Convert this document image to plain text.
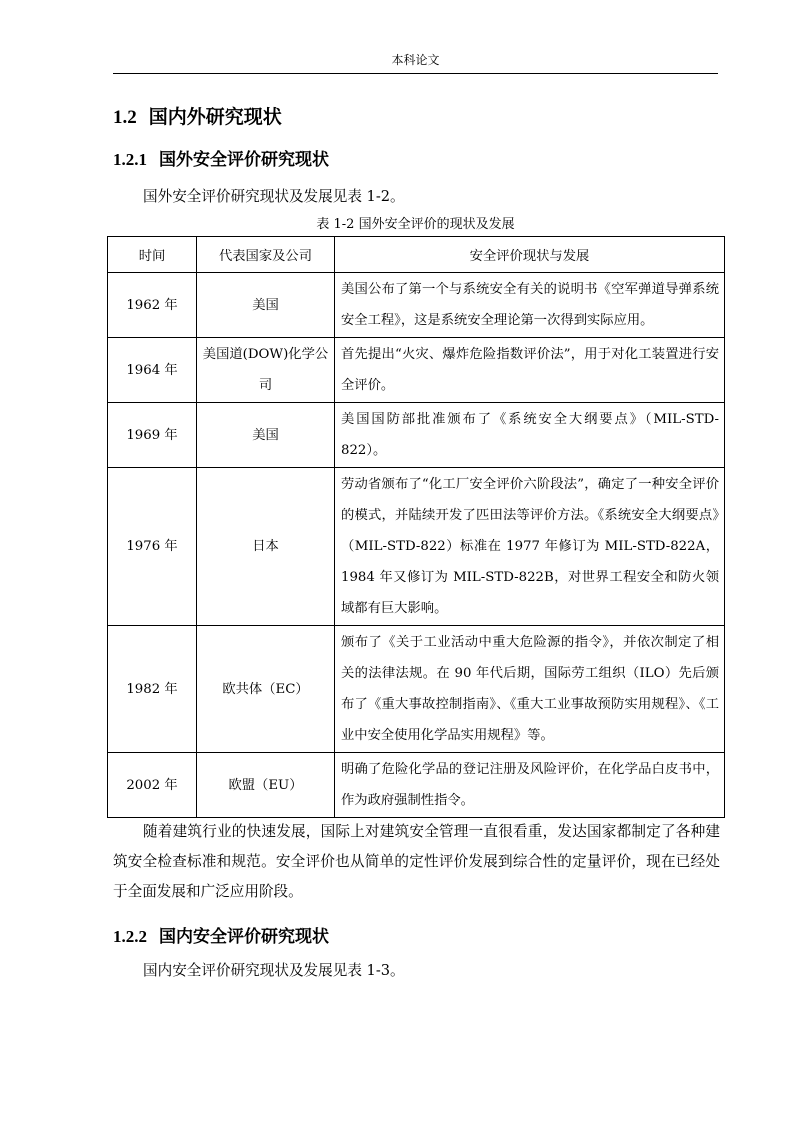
本科论文
1.2 国内外研究现状
1.2.1 国外安全评价研究现状
国外安全评价研究现状及发展见表 1-2。
表 1-2 国外安全评价的现状及发展
时间	代表国家及公司	安全评价现状与发展
1962 年	美国	美国公布了第一个与系统安全有关的说明书《空军弹道导弹系统安全工程》，这是系统安全理论第一次得到实际应用。
1964 年	美国道(DOW)化学公司	首先提出“火灾、爆炸危险指数评价法”，用于对化工装置进行安全评价。
1969 年	美国	美国国防部批准颁布了《系统安全大纲要点》（MIL-STD-822）。
1976 年	日本	劳动省颁布了“化工厂安全评价六阶段法”，确定了一种安全评价的模式，并陆续开发了匹田法等评价方法。《系统安全大纲要点》（MIL-STD-822）标准在 1977 年修订为 MIL-STD-822A，1984 年又修订为 MIL-STD-822B，对世界工程安全和防火领域都有巨大影响。
1982 年	欧共体（EC）	颁布了《关于工业活动中重大危险源的指令》，并依次制定了相关的法律法规。在 90 年代后期，国际劳工组织（ILO）先后颁布了《重大事故控制指南》、《重大工业事故预防实用规程》、《工业中安全使用化学品实用规程》等。
2002 年	欧盟（EU）	明确了危险化学品的登记注册及风险评价，在化学品白皮书中，作为政府强制性指令。
随着建筑行业的快速发展，国际上对建筑安全管理一直很看重，发达国家都制定了各种建筑安全检查标准和规范。安全评价也从简单的定性评价发展到综合性的定量评价，现在已经处于全面发展和广泛应用阶段。
1.2.2 国内安全评价研究现状
国内安全评价研究现状及发展见表 1-3。
